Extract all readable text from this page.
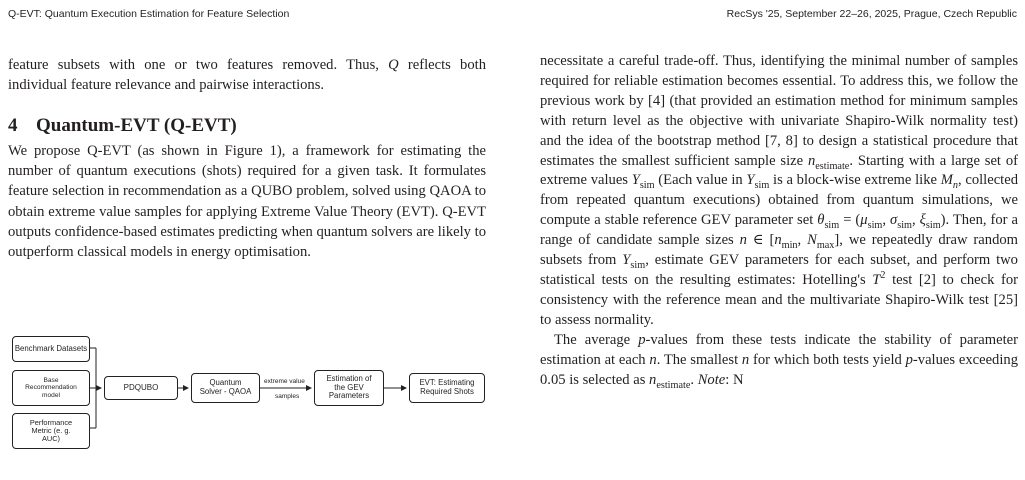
Q-EVT: Quantum Execution Estimation for Feature Selection	RecSys '25, September 22–26, 2025, Prague, Czech Republic

feature subsets with one or two features removed. Thus, Q reflects both individual feature relevance and pairwise interactions.

4 Quantum-EVT (Q-EVT)

We propose Q-EVT (as shown in Figure 1), a framework for estimating the number of quantum executions (shots) required for a given task. It formulates feature selection in recommendation as a QUBO problem, solved using QAOA to obtain extreme value samples for applying Extreme Value Theory (EVT). Q-EVT outputs confidence-based estimates predicting when quantum solvers are likely to outperform classical models in energy optimisation.

Benchmark Datasets
Base
Recommendation
model
Performance
Metric (e. g.
AUC)
PDQUBO	Quantum
Solver - QAOA
extreme value
samples
Estimation of
the GEV
Parameters
EVT: Estimating
Required Shots

necessitate a careful trade-off. Thus, identifying the minimal number of samples required for reliable estimation becomes essential. To address this, we follow the previous work by [4] (that provided an estimation method for minimum samples with return level as the objective with univariate Shapiro-Wilk normality test) and the idea of the bootstrap method [7, 8] to design a statistical procedure that estimates the smallest sufficient sample size $n_{estimate}$. Starting with a large set of extreme values $Y_{sim}$ (Each value in $Y_{sim}$ is a block-wise extreme like $M_n$, collected from repeated quantum executions) obtained from quantum simulations, we compute a stable reference GEV parameter set $\theta_{sim} = (\mu_{sim}$, $\sigma_{sim}$, $\xi_{sim}$). Then, for a range of candidate sample sizes n ∈ [$n_{min}$, $N_{max}$], we repeatedly draw random subsets from $Y_{sim}$, estimate GEV parameters for each subset, and perform two statistical tests on the resulting estimates: Hotelling's $T^2$ test [2] to check for consistency with the reference mean and the multivariate Shapiro-Wilk test [25] to assess normality.

The average p-values from these tests indicate the stability of parameter estimation at each n. The smallest n for which both tests yield p-values exceeding 0.05 is selected as $n_{estimate}$. Note: N
